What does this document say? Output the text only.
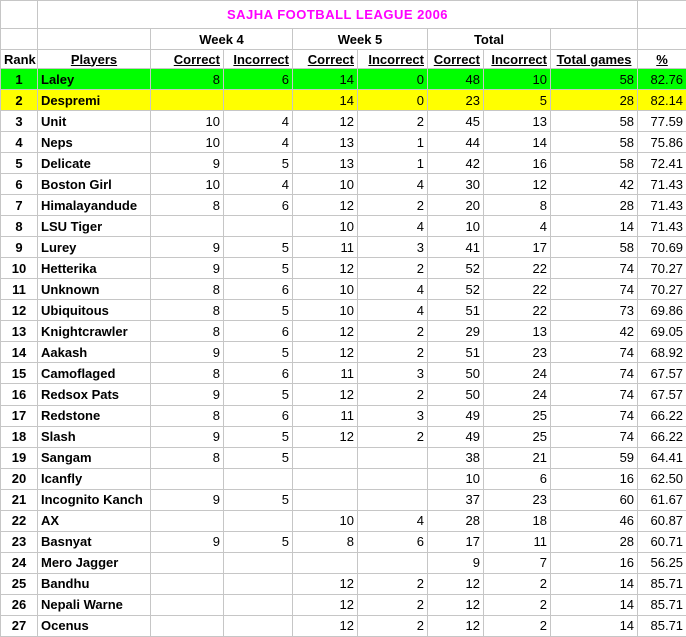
	SAJHA FOOTBALL LEAGUE 2006								
		Week 4		Week 5		Total			
Rank	Players	Correct	Incorrect	Correct	Incorrect	Correct	Incorrect	Total games	%
1	Laley	8	6	14	0	48	10	58	82.76
2	Despremi			14	0	23	5	28	82.14
3	Unit	10	4	12	2	45	13	58	77.59
4	Neps	10	4	13	1	44	14	58	75.86
5	Delicate	9	5	13	1	42	16	58	72.41
6	Boston Girl	10	4	10	4	30	12	42	71.43
7	Himalayandude	8	6	12	2	20	8	28	71.43
8	LSU Tiger			10	4	10	4	14	71.43
9	Lurey	9	5	11	3	41	17	58	70.69
10	Hetterika	9	5	12	2	52	22	74	70.27
11	Unknown	8	6	10	4	52	22	74	70.27
12	Ubiquitous	8	5	10	4	51	22	73	69.86
13	Knightcrawler	8	6	12	2	29	13	42	69.05
14	Aakash	9	5	12	2	51	23	74	68.92
15	Camoflaged	8	6	11	3	50	24	74	67.57
16	Redsox Pats	9	5	12	2	50	24	74	67.57
17	Redstone	8	6	11	3	49	25	74	66.22
18	Slash	9	5	12	2	49	25	74	66.22
19	Sangam	8	5			38	21	59	64.41
20	Icanfly					10	6	16	62.50
21	Incognito Kanch	9	5			37	23	60	61.67
22	AX			10	4	28	18	46	60.87
23	Basnyat	9	5	8	6	17	11	28	60.71
24	Mero Jagger					9	7	16	56.25
25	Bandhu			12	2	12	2	14	85.71
26	Nepali Warne			12	2	12	2	14	85.71
27	Ocenus			12	2	12	2	14	85.71
